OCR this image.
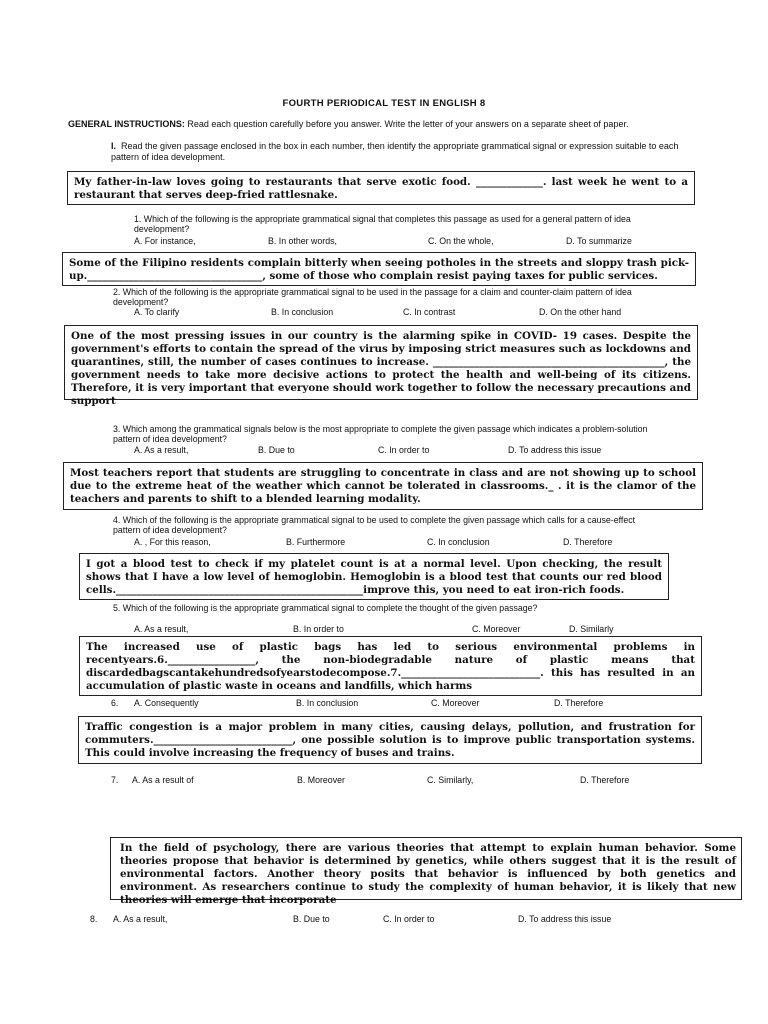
FOURTH PERIODICAL TEST IN ENGLISH 8
GENERAL INSTRUCTIONS: Read each question carefully before you answer. Write the letter of your answers on a separate sheet of paper.
I. Read the given passage enclosed in the box in each number, then identify the appropriate grammatical signal or expression suitable to each pattern of idea development.
My father-in-law loves going to restaurants that serve exotic food. _____________. last week he went to a restaurant that serves deep-fried rattlesnake.
1. Which of the following is the appropriate grammatical signal that completes this passage as used for a general pattern of idea development?
A. For instance,	B. In other words,	C. On the whole,	D. To summarize
Some of the Filipino residents complain bitterly when seeing potholes in the streets and sloppy trash pick-up.__________________________________, some of those who complain resist paying taxes for public services.
2. Which of the following is the appropriate grammatical signal to be used in the passage for a claim and counter-claim pattern of idea development?
A. To clarify	B. In conclusion	C. In contrast	D. On the other hand
One of the most pressing issues in our country is the alarming spike in COVID- 19 cases. Despite the government's efforts to contain the spread of the virus by imposing strict measures such as lockdowns and quarantines, still, the number of cases continues to increase. _____________________________________________, the government needs to take more decisive actions to protect the health and well-being of its citizens. Therefore, it is very important that everyone should work together to follow the necessary precautions and support
3. Which among the grammatical signals below is the most appropriate to complete the given passage which indicates a problem-solution pattern of idea development?
A. As a result,	B. Due to	C. In order to	D. To address this issue
Most teachers report that students are struggling to concentrate in class and are not showing up to school due to the extreme heat of the weather which cannot be tolerated in classrooms._ . it is the clamor of the teachers and parents to shift to a blended learning modality.
4. Which of the following is the appropriate grammatical signal to be used to complete the given passage which calls for a cause-effect pattern of idea development?
A. , For this reason,	B. Furthermore	C. In conclusion	D. Therefore
I got a blood test to check if my platelet count is at a normal level. Upon checking, the result shows that I have a low level of hemoglobin. Hemoglobin is a blood test that counts our red blood cells.________________________________________________improve this, you need to eat iron-rich foods.
5. Which of the following is the appropriate grammatical signal to complete the thought of the given passage?
A. As a result,	B. In order to	C. Moreover	D. Similarly
The increased use of plastic bags has led to serious environmental problems in recentyears.6._________________, the non-biodegradable nature of plastic means that discardedbagscantakehundredsofyearstodecompose.7.___________________________. this has resulted in an accumulation of plastic waste in oceans and landfills, which harms
6. A. Consequently	B. In conclusion	C. Moreover	D. Therefore
Traffic congestion is a major problem in many cities, causing delays, pollution, and frustration for commuters.___________________________, one possible solution is to improve public transportation systems. This could involve increasing the frequency of buses and trains.
7. A. As a result of	B. Moreover	C. Similarly,	D. Therefore
In the field of psychology, there are various theories that attempt to explain human behavior. Some theories propose that behavior is determined by genetics, while others suggest that it is the result of environmental factors. Another theory posits that behavior is influenced by both genetics and environment. As researchers continue to study the complexity of human behavior, it is likely that new theories will emerge that incorporate
8. A. As a result,	B. Due to	C. In order to	D. To address this issue
